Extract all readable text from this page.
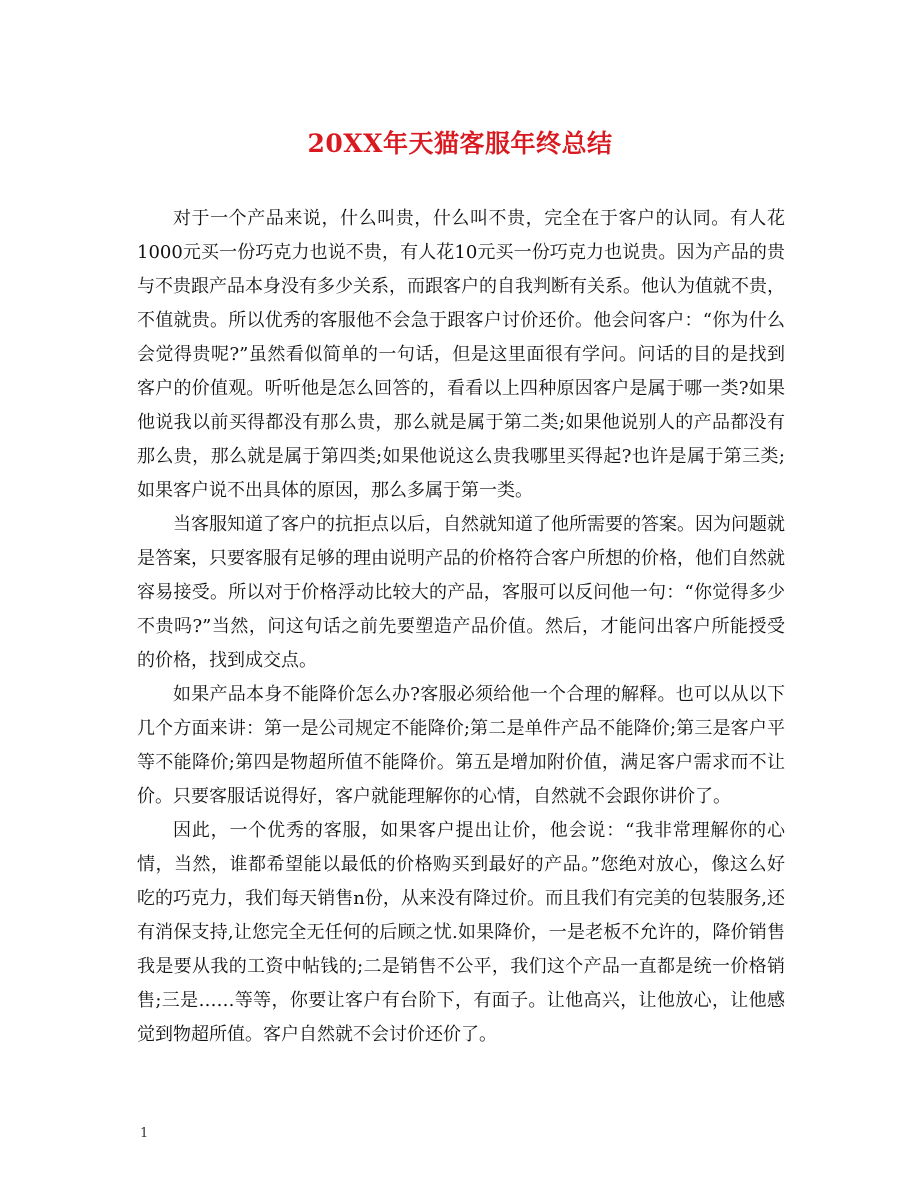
20XX年天猫客服年终总结

对于一个产品来说，什么叫贵，什么叫不贵，完全在于客户的认同。有人花1000元买一份巧克力也说不贵，有人花10元买一份巧克力也说贵。因为产品的贵与不贵跟产品本身没有多少关系，而跟客户的自我判断有关系。他认为值就不贵，不值就贵。所以优秀的客服他不会急于跟客户讨价还价。他会问客户：“你为什么会觉得贵呢?”虽然看似简单的一句话，但是这里面很有学问。问话的目的是找到客户的价值观。听听他是怎么回答的，看看以上四种原因客户是属于哪一类?如果他说我以前买得都没有那么贵，那么就是属于第二类;如果他说别人的产品都没有那么贵，那么就是属于第四类;如果他说这么贵我哪里买得起?也许是属于第三类;如果客户说不出具体的原因，那么多属于第一类。

当客服知道了客户的抗拒点以后，自然就知道了他所需要的答案。因为问题就是答案，只要客服有足够的理由说明产品的价格符合客户所想的价格，他们自然就容易接受。所以对于价格浮动比较大的产品，客服可以反问他一句：“你觉得多少不贵吗?”当然，问这句话之前先要塑造产品价值。然后，才能问出客户所能授受的价格，找到成交点。

如果产品本身不能降价怎么办?客服必须给他一个合理的解释。也可以从以下几个方面来讲：第一是公司规定不能降价;第二是单件产品不能降价;第三是客户平等不能降价;第四是物超所值不能降价。第五是增加附价值，满足客户需求而不让价。只要客服话说得好，客户就能理解你的心情，自然就不会跟你讲价了。

因此，一个优秀的客服，如果客户提出让价，他会说：“我非常理解你的心情，当然，谁都希望能以最低的价格购买到最好的产品。”您绝对放心，像这么好吃的巧克力，我们每天销售n份，从来没有降过价。而且我们有完美的包装服务,还有消保支持,让您完全无任何的后顾之忧.如果降价，一是老板不允许的，降价销售我是要从我的工资中帖钱的;二是销售不公平，我们这个产品一直都是统一价格销售;三是……等等，你要让客户有台阶下，有面子。让他高兴，让他放心，让他感觉到物超所值。客户自然就不会讨价还价了。

1
